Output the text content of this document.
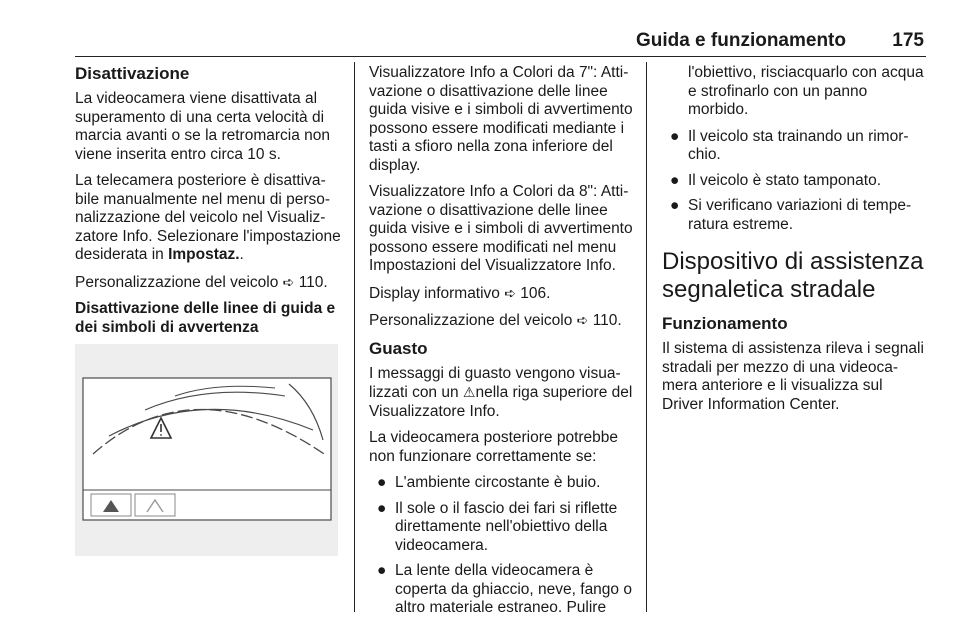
Guida e funzionamento	175
Disattivazione

La videocamera viene disattivata al superamento di una certa velocità di marcia avanti o se la retromarcia non viene inserita entro circa 10 s.

La telecamera posteriore è disattivabile manualmente nel menu di personalizzazione del veicolo nel Visualizzatore Info. Selezionare l'impostazione desiderata in Impostaz..

Personalizzazione del veicolo ➪ 110.

Disattivazione delle linee di guida e dei simboli di avvertenza

Visualizzatore Info a Colori da 7": Attivazione o disattivazione delle linee guida visive e i simboli di avvertimento possono essere modificati mediante i tasti a sfioro nella zona inferiore del display.

Visualizzatore Info a Colori da 8": Attivazione o disattivazione delle linee guida visive e i simboli di avvertimento possono essere modificati nel menu Impostazioni del Visualizzatore Info.

Display informativo ➪ 106.

Personalizzazione del veicolo ➪ 110.

Guasto

I messaggi di guasto vengono visualizzati con un ⚠nella riga superiore del Visualizzatore Info.

La videocamera posteriore potrebbe non funzionare correttamente se:

● L'ambiente circostante è buio.
● Il sole o il fascio dei fari si riflette direttamente nell'obiettivo della videocamera.
● La lente della videocamera è coperta da ghiaccio, neve, fango o altro materiale estraneo. Pulire

l'obiettivo, risciacquarlo con acqua e strofinarlo con un panno morbido.

● Il veicolo sta trainando un rimorchio.
● Il veicolo è stato tamponato.
● Si verificano variazioni di temperatura estreme.
Dispositivo di assistenza segnaletica stradale
Funzionamento

Il sistema di assistenza rileva i segnali stradali per mezzo di una videocamera anteriore e li visualizza sul Driver Information Center.
